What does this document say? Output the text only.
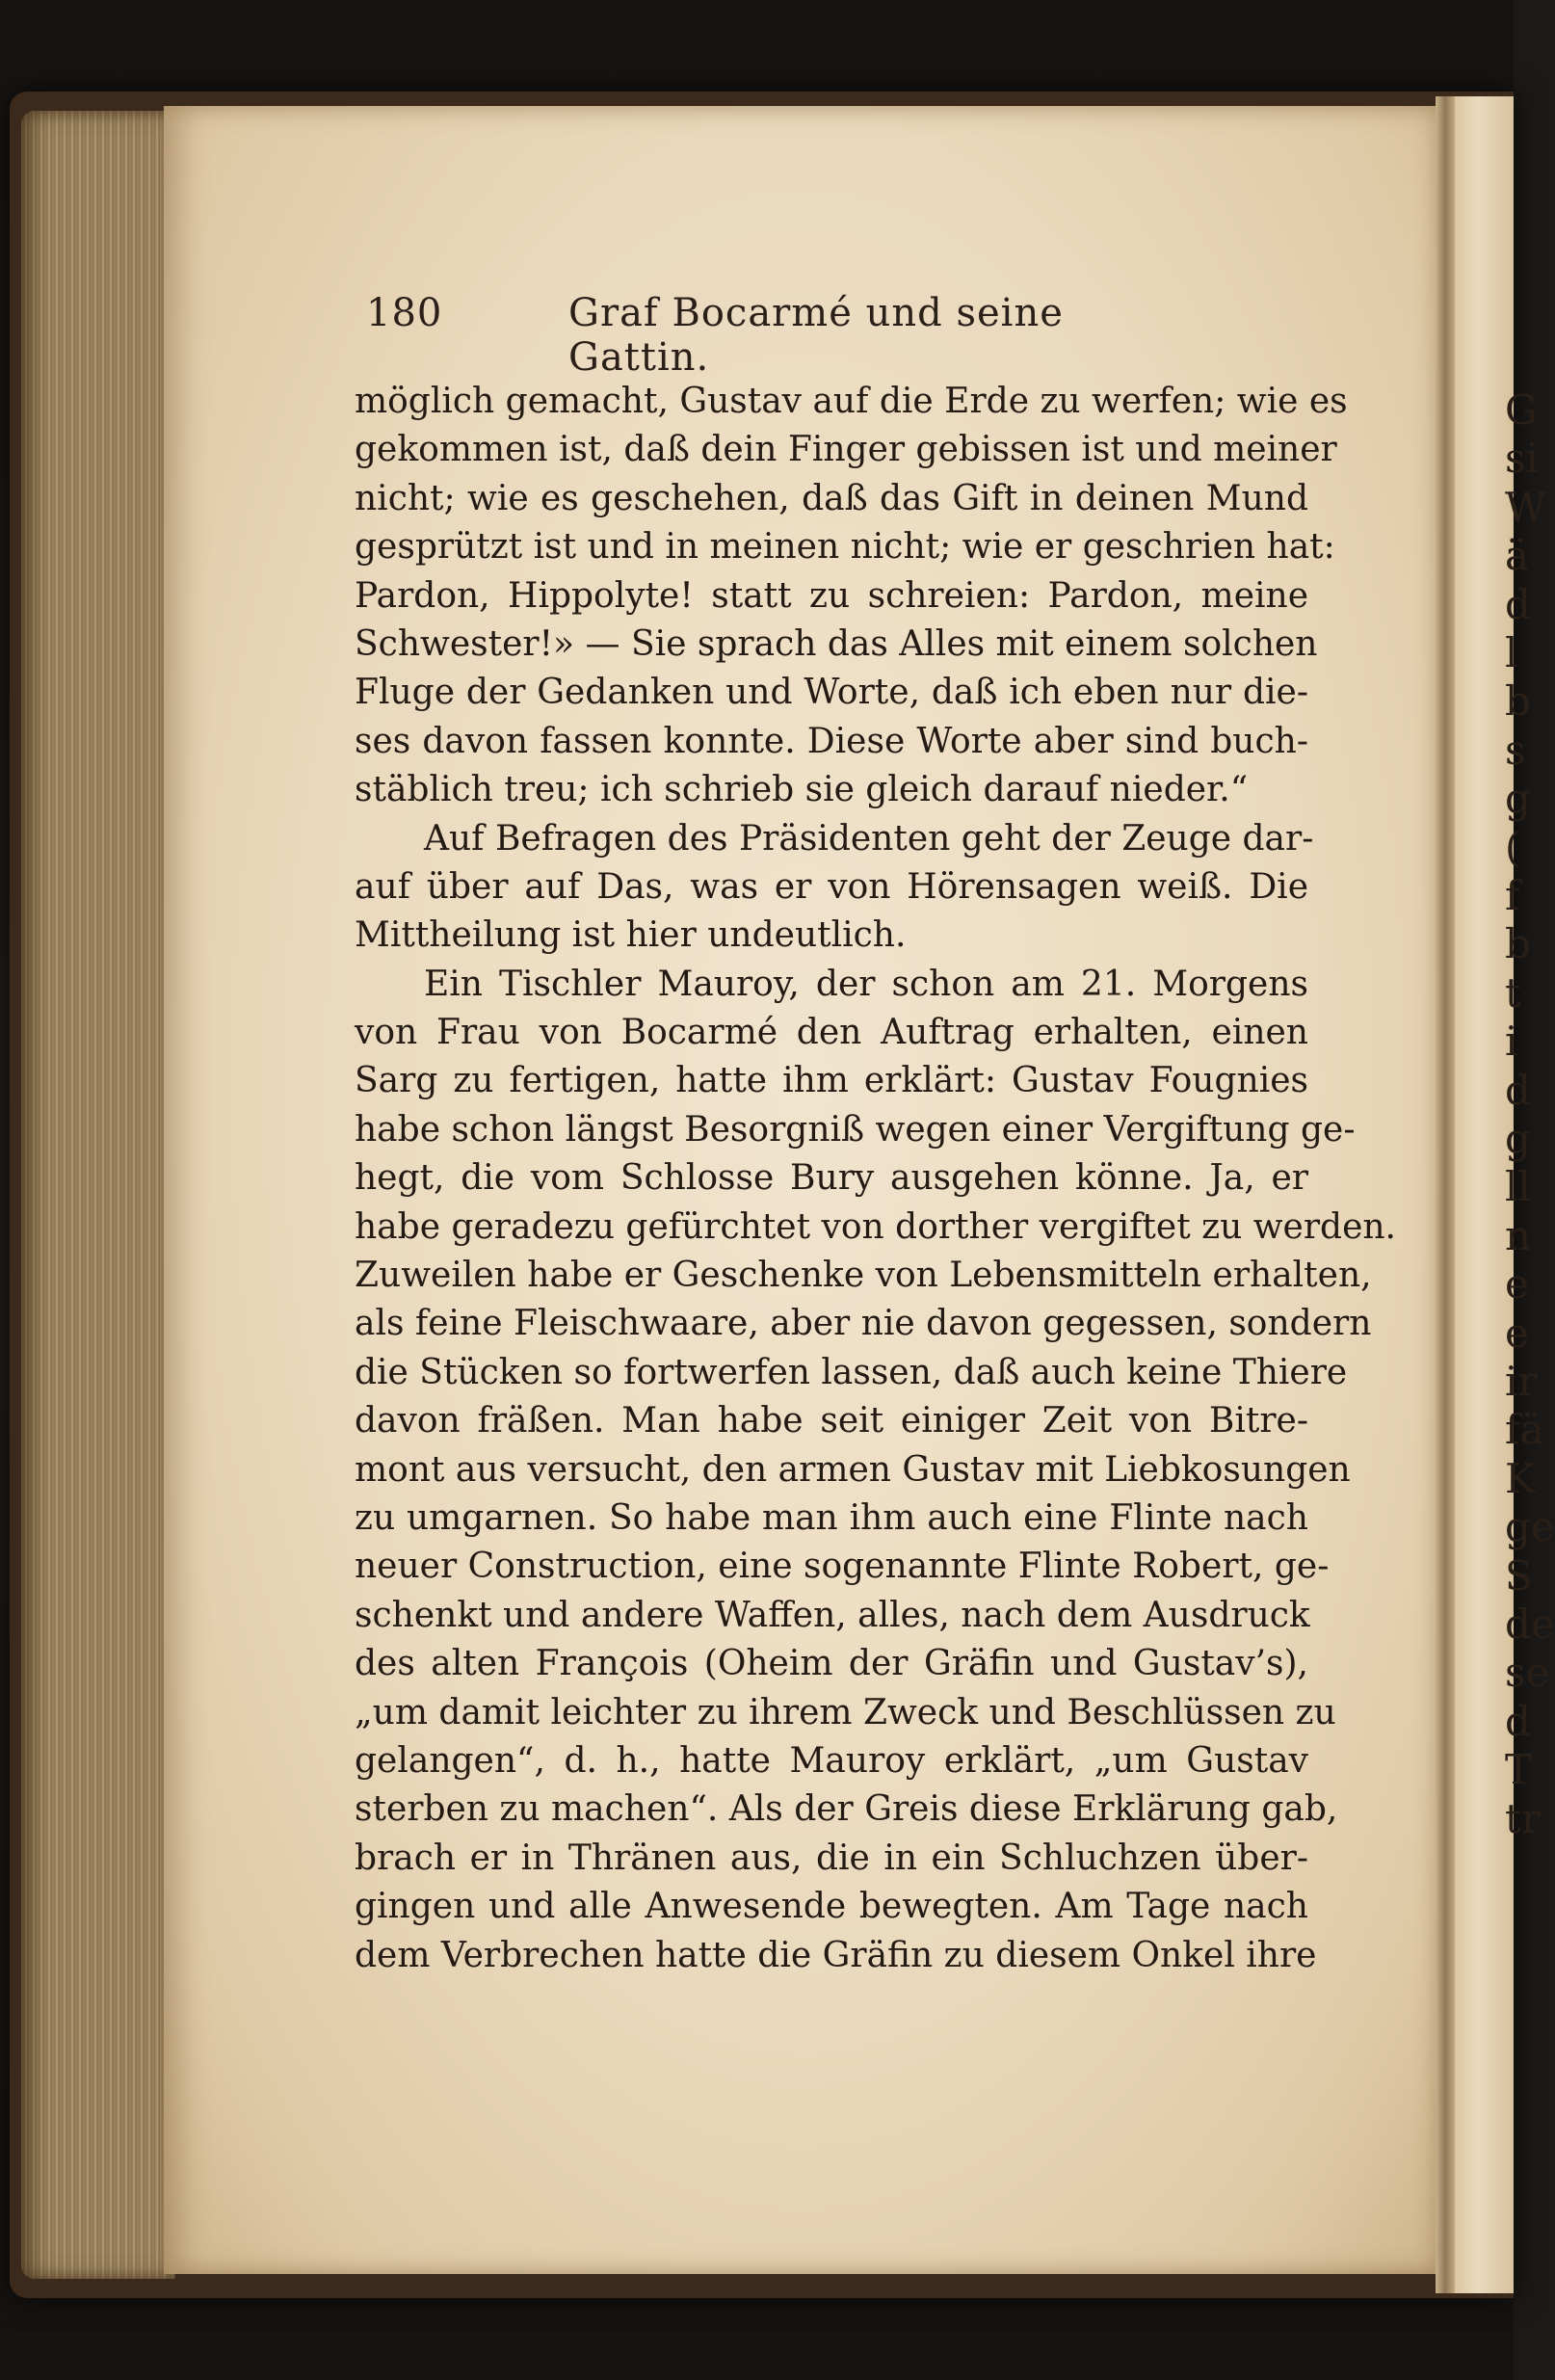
180	Graf Bocarmé und seine Gattin.
möglich gemacht, Gustav auf die Erde zu werfen; wie es
gekommen ist, daß dein Finger gebissen ist und meiner
nicht; wie es geschehen, daß das Gift in deinen Mund
gesprützt ist und in meinen nicht; wie er geschrien hat:
Pardon, Hippolyte! statt zu schreien: Pardon, meine
Schwester!» — Sie sprach das Alles mit einem solchen
Fluge der Gedanken und Worte, daß ich eben nur die-
ses davon fassen konnte. Diese Worte aber sind buch-
stäblich treu; ich schrieb sie gleich darauf nieder.“
Auf Befragen des Präsidenten geht der Zeuge dar-
auf über auf Das, was er von Hörensagen weiß. Die
Mittheilung ist hier undeutlich.
Ein Tischler Mauroy, der schon am 21. Morgens
von Frau von Bocarmé den Auftrag erhalten, einen
Sarg zu fertigen, hatte ihm erklärt: Gustav Fougnies
habe schon längst Besorgniß wegen einer Vergiftung ge-
hegt, die vom Schlosse Bury ausgehen könne. Ja, er
habe geradezu gefürchtet von dorther vergiftet zu werden.
Zuweilen habe er Geschenke von Lebensmitteln erhalten,
als feine Fleischwaare, aber nie davon gegessen, sondern
die Stücken so fortwerfen lassen, daß auch keine Thiere
davon fräßen. Man habe seit einiger Zeit von Bitre-
mont aus versucht, den armen Gustav mit Liebkosungen
zu umgarnen. So habe man ihm auch eine Flinte nach
neuer Construction, eine sogenannte Flinte Robert, ge-
schenkt und andere Waffen, alles, nach dem Ausdruck
des alten François (Oheim der Gräfin und Gustav’s),
„um damit leichter zu ihrem Zweck und Beschlüssen zu
gelangen“, d. h., hatte Mauroy erklärt, „um Gustav
sterben zu machen“. Als der Greis diese Erklärung gab,
brach er in Thränen aus, die in ein Schluchzen über-
gingen und alle Anwesende bewegten. Am Tage nach
dem Verbrechen hatte die Gräfin zu diesem Onkel ihre
G
si
W
ä
d
l
b
s
g
(
f
b
t
i
d
g
ll
n
e
e
ir
fä
K
ge
S
de
se
d
T
tr
